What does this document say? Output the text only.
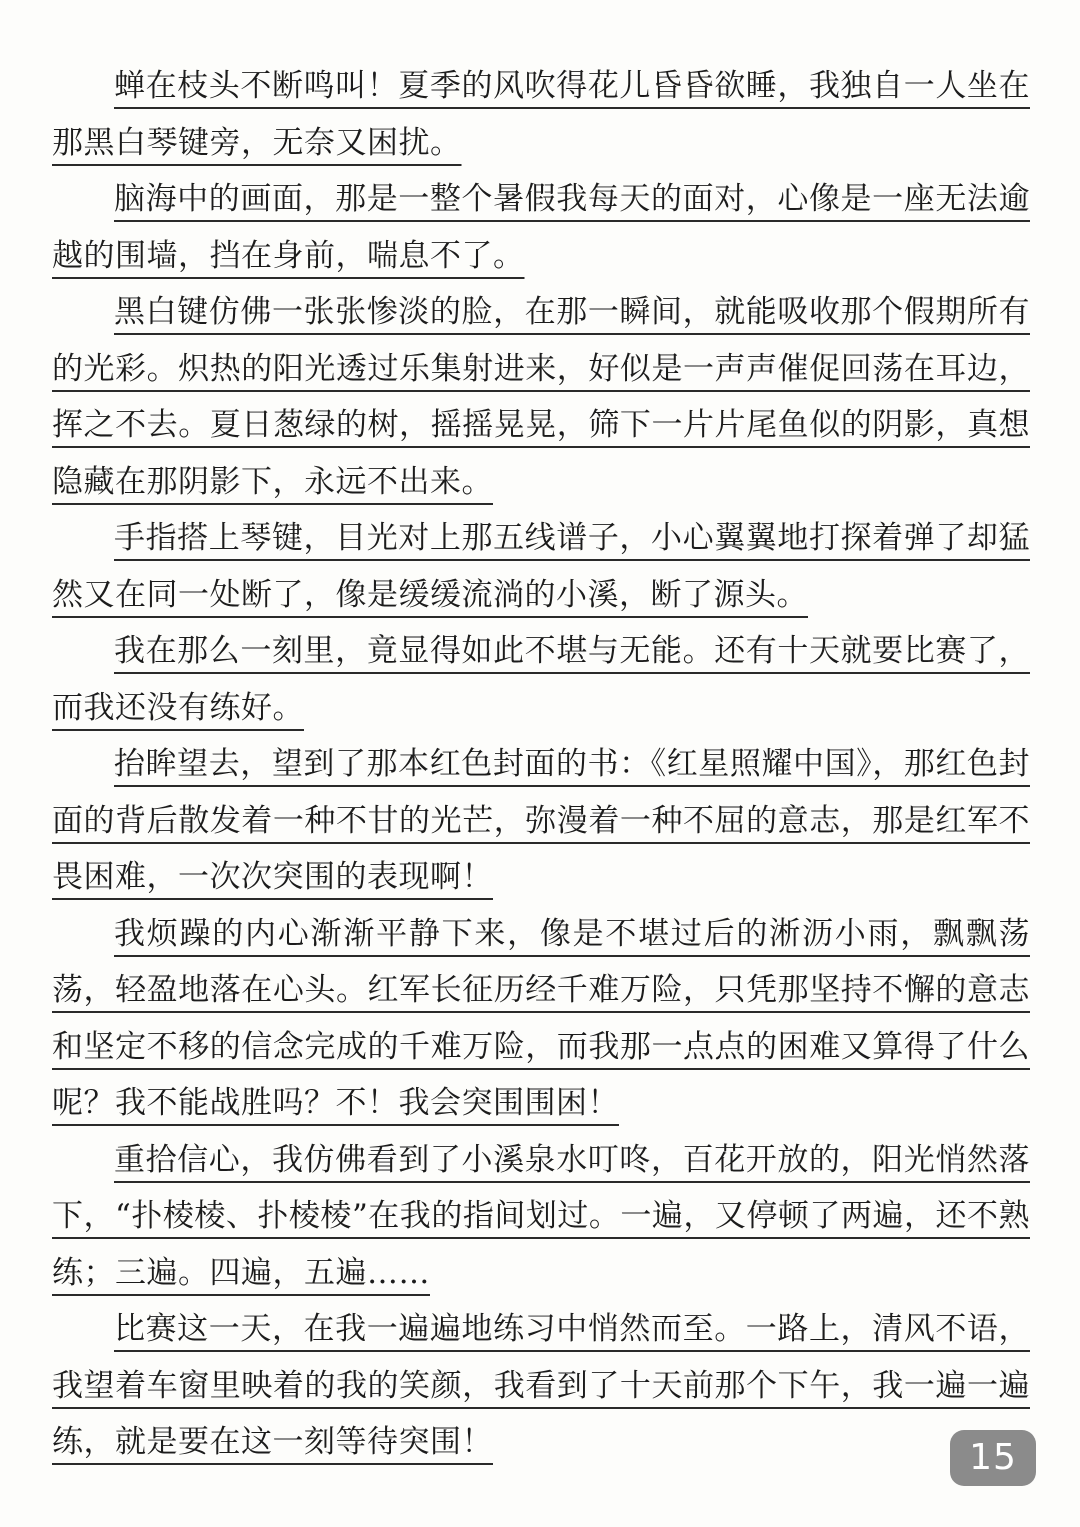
蝉在枝头不断鸣叫！夏季的风吹得花儿昏昏欲睡，我独自一人坐在那黑白琴键旁，无奈又困扰。

脑海中的画面，那是一整个暑假我每天的面对，心像是一座无法逾越的围墙，挡在身前，喘息不了。

黑白键仿佛一张张惨淡的脸，在那一瞬间，就能吸收那个假期所有的光彩。炽热的阳光透过乐集射进来，好似是一声声催促回荡在耳边，挥之不去。夏日葱绿的树，摇摇晃晃，筛下一片片尾鱼似的阴影，真想隐藏在那阴影下，永远不出来。

手指搭上琴键，目光对上那五线谱子，小心翼翼地打探着弹了却猛然又在同一处断了，像是缓缓流淌的小溪，断了源头。

我在那么一刻里，竟显得如此不堪与无能。还有十天就要比赛了，而我还没有练好。

抬眸望去，望到了那本红色封面的书：《红星照耀中国》，那红色封面的背后散发着一种不甘的光芒，弥漫着一种不屈的意志，那是红军不畏困难，一次次突围的表现啊！

我烦躁的内心渐渐平静下来，像是不堪过后的淅沥小雨，飘飘荡荡，轻盈地落在心头。红军长征历经千难万险，只凭那坚持不懈的意志和坚定不移的信念完成的千难万险，而我那一点点的困难又算得了什么呢？我不能战胜吗？不！我会突围围困！

重拾信心，我仿佛看到了小溪泉水叮咚，百花开放的，阳光悄然落下，“扑棱棱、扑棱棱”在我的指间划过。一遍，又停顿了两遍，还不熟练；三遍。四遍，五遍……

比赛这一天，在我一遍遍地练习中悄然而至。一路上，清风不语，我望着车窗里映着的我的笑颜，我看到了十天前那个下午，我一遍一遍练，就是要在这一刻等待突围！	15
